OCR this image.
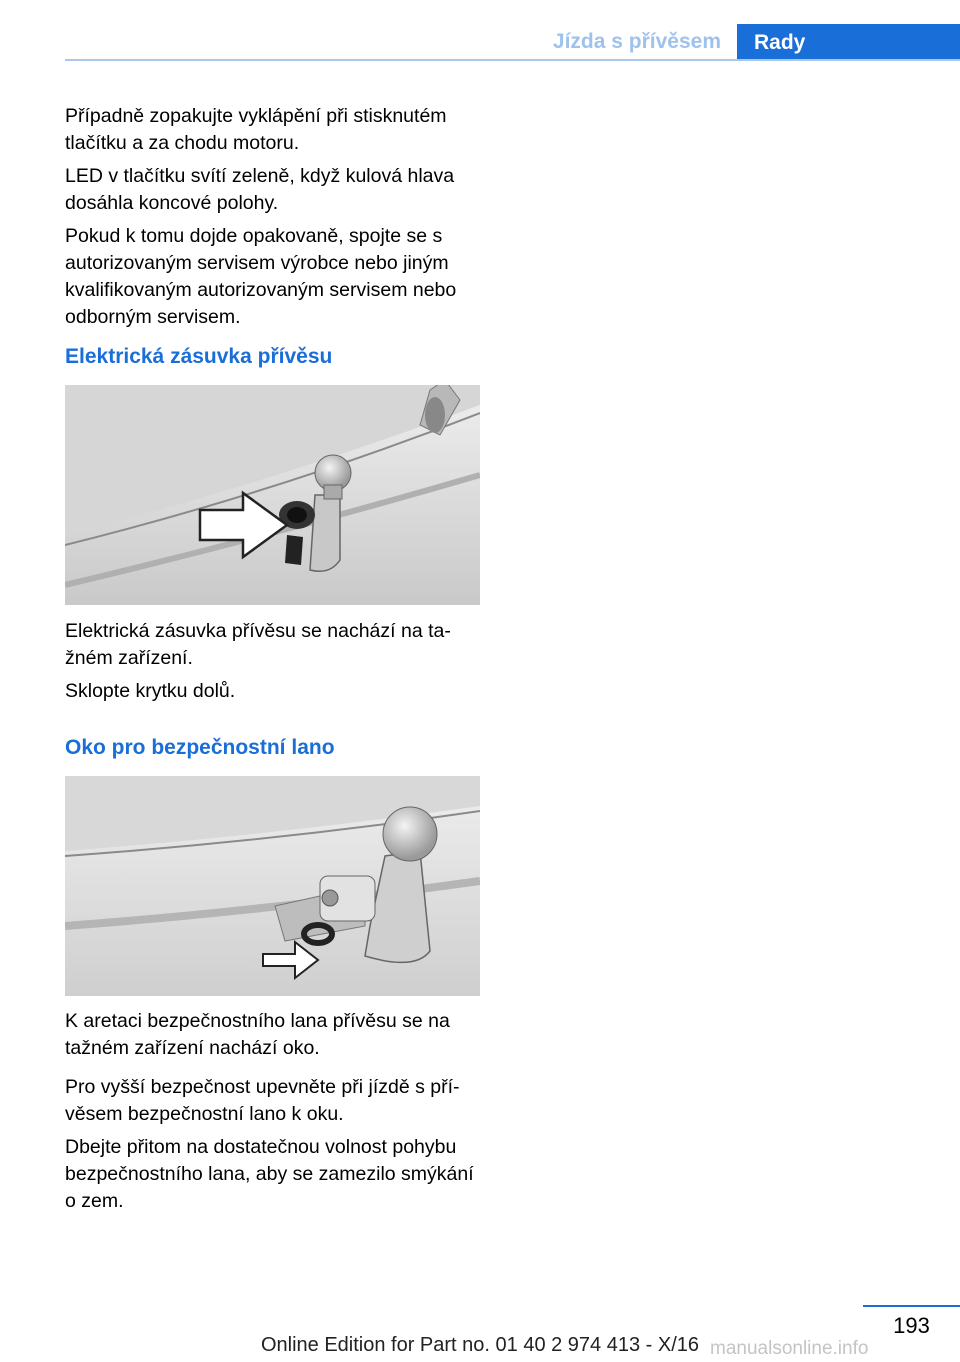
Jízda s přívěsem	Rady

Případně zopakujte vyklápění při stisknutém tlačítku a za chodu motoru.

LED v tlačítku svítí zeleně, když kulová hlava dosáhla koncové polohy.

Pokud k tomu dojde opakovaně, spojte se s autorizovaným servisem výrobce nebo jiným kvalifikovaným autorizovaným servisem nebo odborným servisem.

Elektrická zásuvka přívěsu

Elektrická zásuvka přívěsu se nachází na ta‐ žném zařízení.

Sklopte krytku dolů.

Oko pro bezpečnostní lano

K aretaci bezpečnostního lana přívěsu se na tažném zařízení nachází oko.

Pro vyšší bezpečnost upevněte při jízdě s pří‐ věsem bezpečnostní lano k oku.

Dbejte přitom na dostatečnou volnost pohybu bezpečnostního lana, aby se zamezilo smýkání o zem.

193
Online Edition for Part no. 01 40 2 974 413 - X/16 manualsonline.info
